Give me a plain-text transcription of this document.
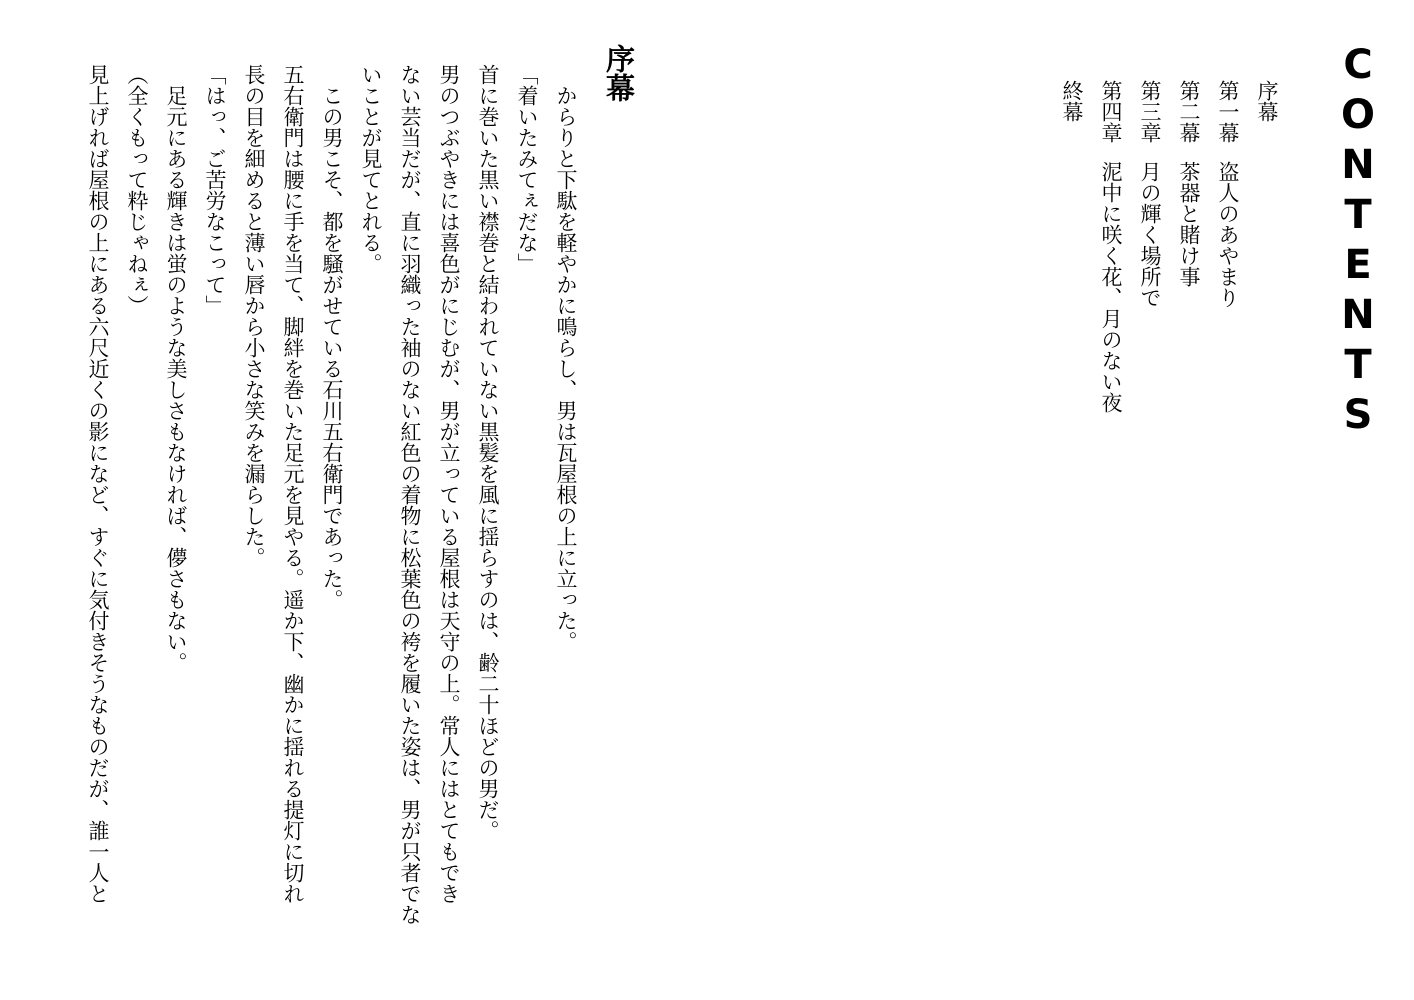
CONTENTS
序幕
第一幕盗人のあやまり
第二幕茶器と賭け事
第三章月の輝く場所で
第四章泥中に咲く花、月のない夜
終幕
序幕

からりと下駄を軽やかに鳴らし、男は瓦屋根の上に立った。

「着いたみてぇだな」

首に巻いた黒い襟巻と結われていない黒髪を風に揺らすのは、齢二十ほどの男だ。

男のつぶやきには喜色がにじむが、男が立っている屋根は天守の上。常人にはとてもでき

ない芸当だが、直に羽織った袖のない紅色の着物に松葉色の袴を履いた姿は、男が只者でな

いことが見てとれる。

この男こそ、都を騒がせている石川五右衛門であった。

五右衛門は腰に手を当て、脚絆を巻いた足元を見やる。遥か下、幽かに揺れる提灯に切れ

長の目を細めると薄い唇から小さな笑みを漏らした。

「はっ、ご苦労なこって」

足元にある輝きは蛍のような美しさもなければ、儚さもない。

（全くもって粋じゃねぇ）

見上げれば屋根の上にある六尺近くの影になど、すぐに気付きそうなものだが、誰一人と
